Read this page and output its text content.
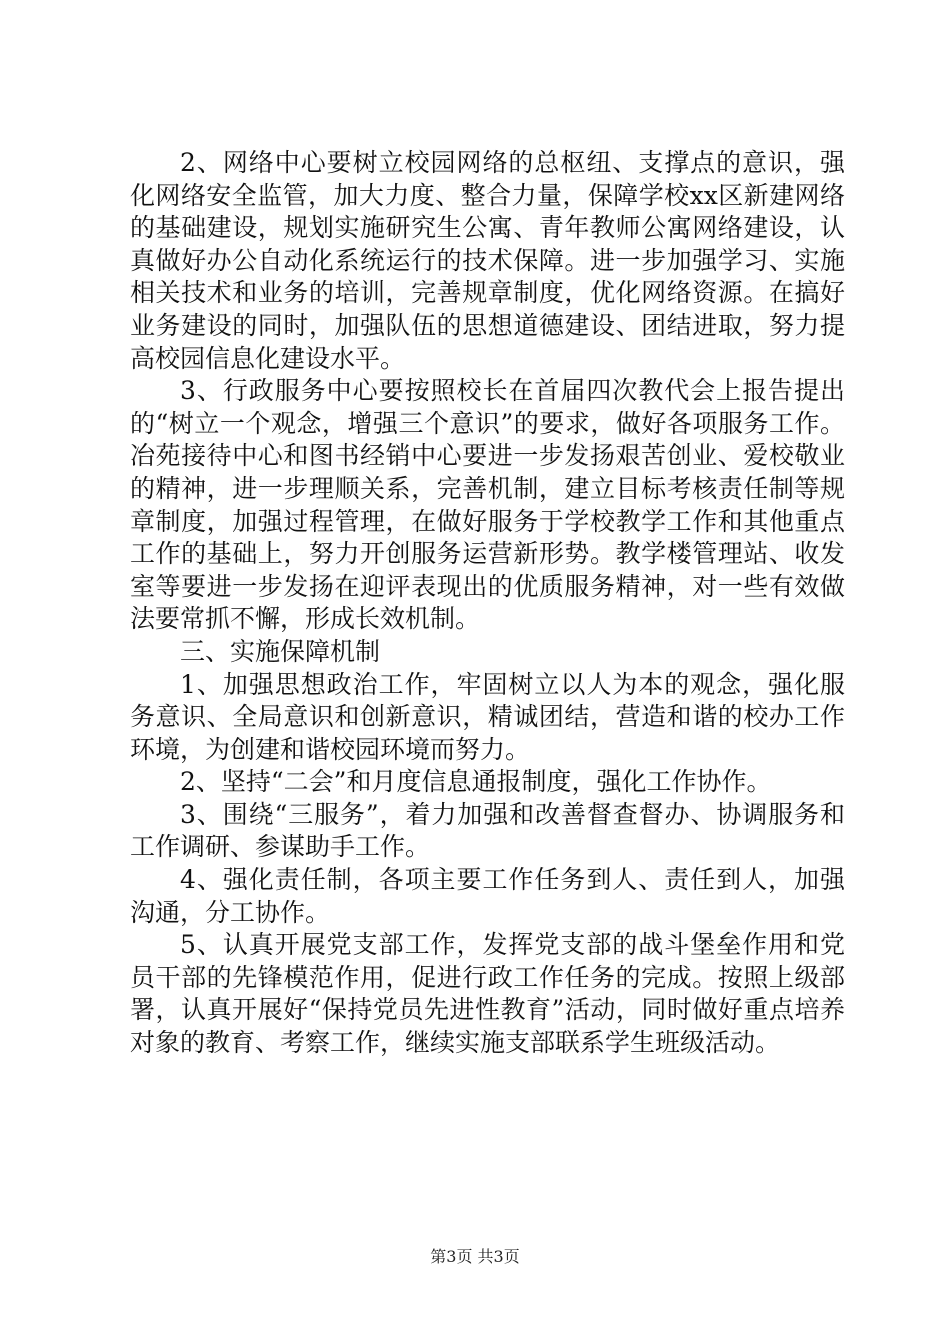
2、网络中心要树立校园网络的总枢纽、支撑点的意识，强化网络安全监管，加大力度、整合力量，保障学校xx区新建网络的基础建设，规划实施研究生公寓、青年教师公寓网络建设，认真做好办公自动化系统运行的技术保障。进一步加强学习、实施相关技术和业务的培训，完善规章制度，优化网络资源。在搞好业务建设的同时，加强队伍的思想道德建设、团结进取，努力提高校园信息化建设水平。

3、行政服务中心要按照校长在首届四次教代会上报告提出的“树立一个观念，增强三个意识”的要求，做好各项服务工作。冶苑接待中心和图书经销中心要进一步发扬艰苦创业、爱校敬业的精神，进一步理顺关系，完善机制，建立目标考核责任制等规章制度，加强过程管理，在做好服务于学校教学工作和其他重点工作的基础上，努力开创服务运营新形势。教学楼管理站、收发室等要进一步发扬在迎评表现出的优质服务精神，对一些有效做法要常抓不懈，形成长效机制。

三、实施保障机制

1、加强思想政治工作，牢固树立以人为本的观念，强化服务意识、全局意识和创新意识，精诚团结，营造和谐的校办工作环境，为创建和谐校园环境而努力。

2、坚持“二会”和月度信息通报制度，强化工作协作。

3、围绕“三服务”，着力加强和改善督查督办、协调服务和工作调研、参谋助手工作。

4、强化责任制，各项主要工作任务到人、责任到人，加强沟通，分工协作。

5、认真开展党支部工作，发挥党支部的战斗堡垒作用和党员干部的先锋模范作用，促进行政工作任务的完成。按照上级部署，认真开展好“保持党员先进性教育”活动，同时做好重点培养对象的教育、考察工作，继续实施支部联系学生班级活动。

第3页 共3页
